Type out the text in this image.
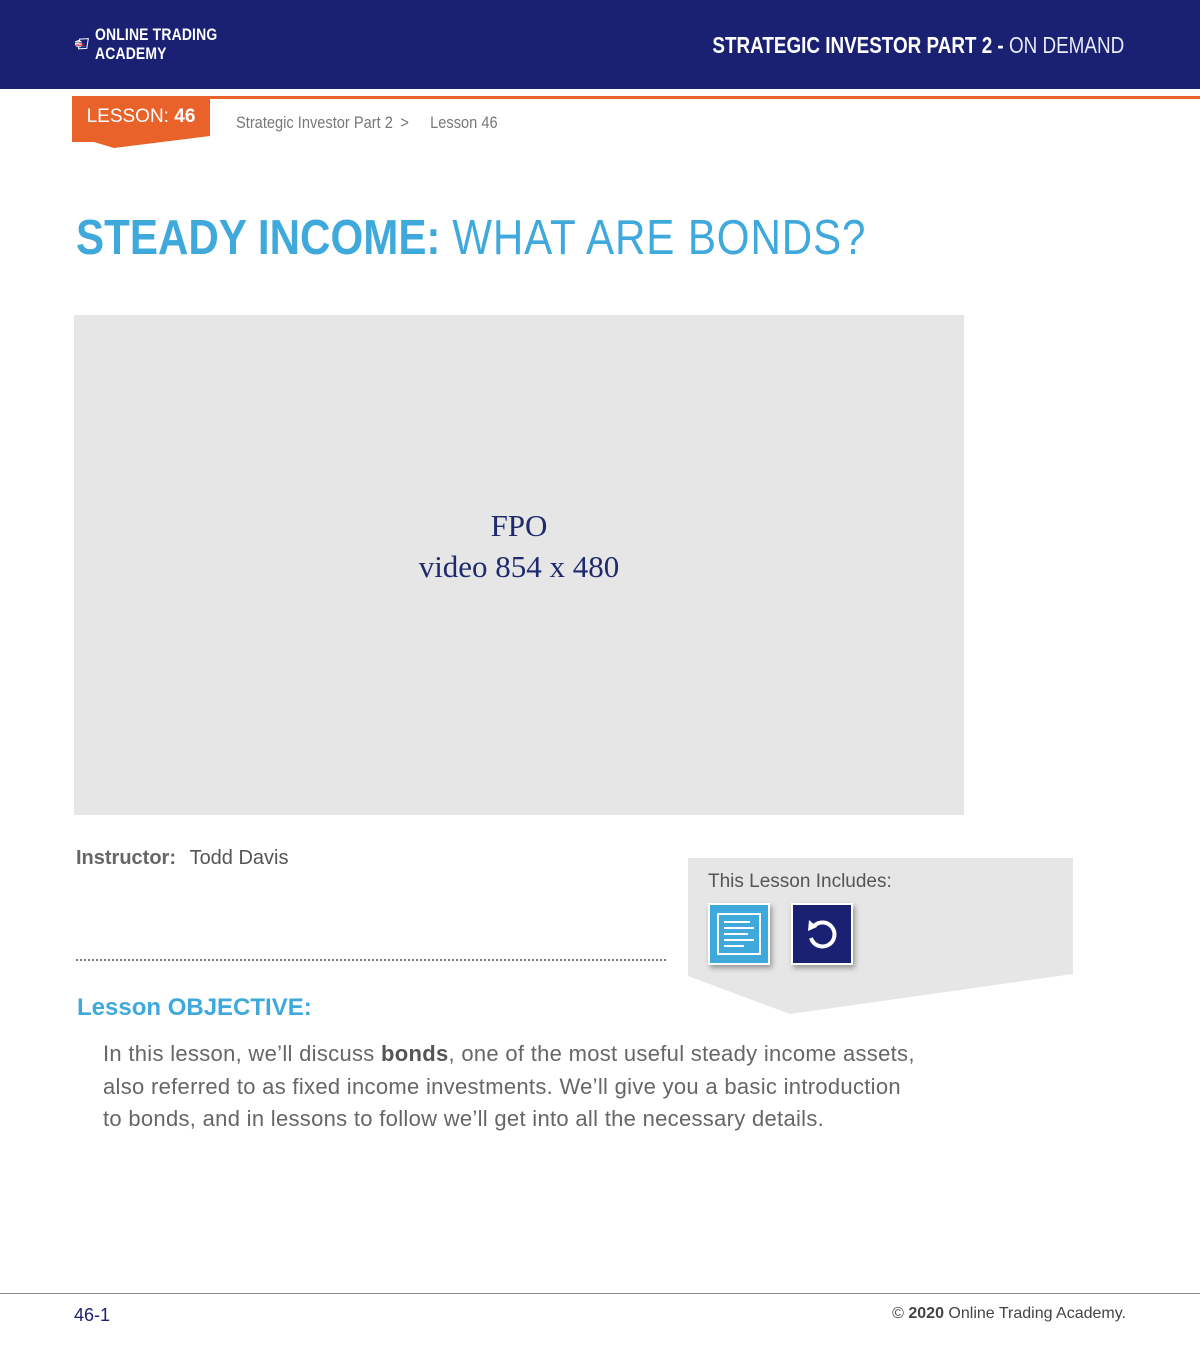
ONLINE TRADING
ACADEMY	STRATEGIC INVESTOR PART 2 - ON DEMAND
LESSON: 46	Strategic Investor Part 2 > Lesson 46
STEADY INCOME: WHAT ARE BONDS?
FPO
video 854 x 480
Instructor: Todd Davis
This Lesson Includes:
Lesson OBJECTIVE:

In this lesson, we’ll discuss bonds, one of the most useful steady income assets, also referred to as fixed income investments. We’ll give you a basic introduction to bonds, and in lessons to follow we’ll get into all the necessary details.

46-1	© 2020 Online Trading Academy.
